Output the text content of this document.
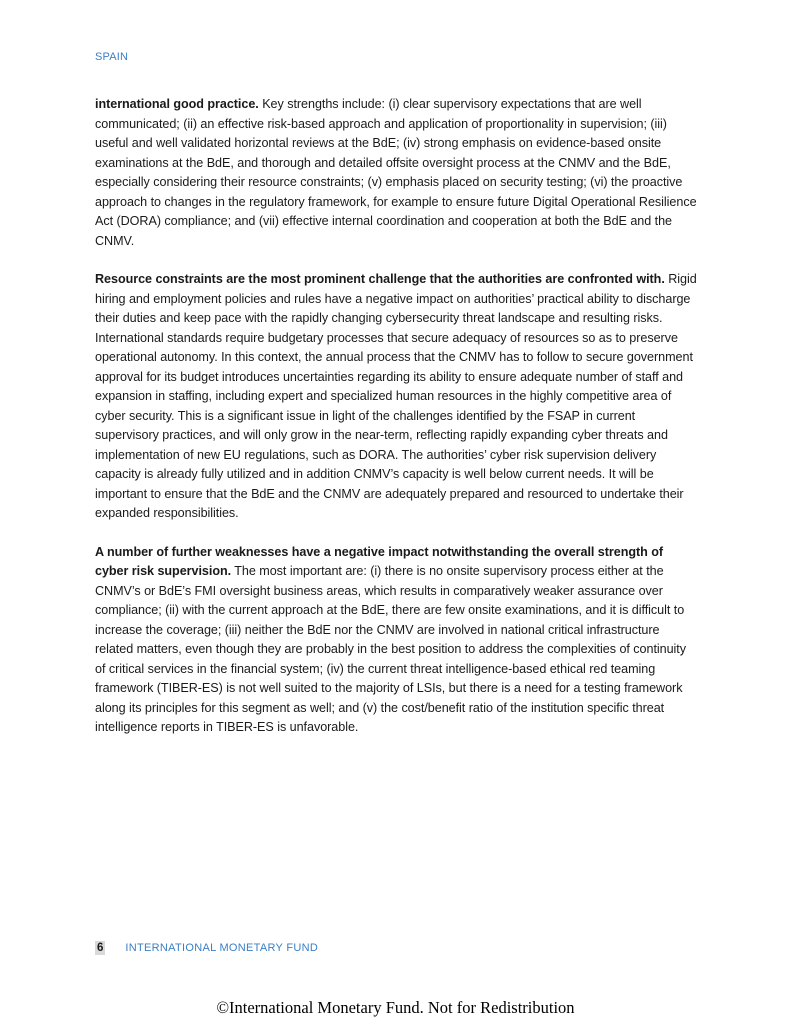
SPAIN

international good practice. Key strengths include: (i) clear supervisory expectations that are well communicated; (ii) an effective risk-based approach and application of proportionality in supervision; (iii) useful and well validated horizontal reviews at the BdE; (iv) strong emphasis on evidence-based onsite examinations at the BdE, and thorough and detailed offsite oversight process at the CNMV and the BdE, especially considering their resource constraints; (v) emphasis placed on security testing; (vi) the proactive approach to changes in the regulatory framework, for example to ensure future Digital Operational Resilience Act (DORA) compliance; and (vii) effective internal coordination and cooperation at both the BdE and the CNMV.

Resource constraints are the most prominent challenge that the authorities are confronted with. Rigid hiring and employment policies and rules have a negative impact on authorities’ practical ability to discharge their duties and keep pace with the rapidly changing cybersecurity threat landscape and resulting risks. International standards require budgetary processes that secure adequacy of resources so as to preserve operational autonomy. In this context, the annual process that the CNMV has to follow to secure government approval for its budget introduces uncertainties regarding its ability to ensure adequate number of staff and expansion in staffing, including expert and specialized human resources in the highly competitive area of cyber security. This is a significant issue in light of the challenges identified by the FSAP in current supervisory practices, and will only grow in the near-term, reflecting rapidly expanding cyber threats and implementation of new EU regulations, such as DORA. The authorities’ cyber risk supervision delivery capacity is already fully utilized and in addition CNMV’s capacity is well below current needs. It will be important to ensure that the BdE and the CNMV are adequately prepared and resourced to undertake their expanded responsibilities.

A number of further weaknesses have a negative impact notwithstanding the overall strength of cyber risk supervision. The most important are: (i) there is no onsite supervisory process either at the CNMV’s or BdE’s FMI oversight business areas, which results in comparatively weaker assurance over compliance; (ii) with the current approach at the BdE, there are few onsite examinations, and it is difficult to increase the coverage; (iii) neither the BdE nor the CNMV are involved in national critical infrastructure related matters, even though they are probably in the best position to address the complexities of continuity of critical services in the financial system; (iv) the current threat intelligence-based ethical red teaming framework (TIBER-ES) is not well suited to the majority of LSIs, but there is a need for a testing framework along its principles for this segment as well; and (v) the cost/benefit ratio of the institution specific threat intelligence reports in TIBER-ES is unfavorable.

6 INTERNATIONAL MONETARY FUND
©International Monetary Fund. Not for Redistribution
